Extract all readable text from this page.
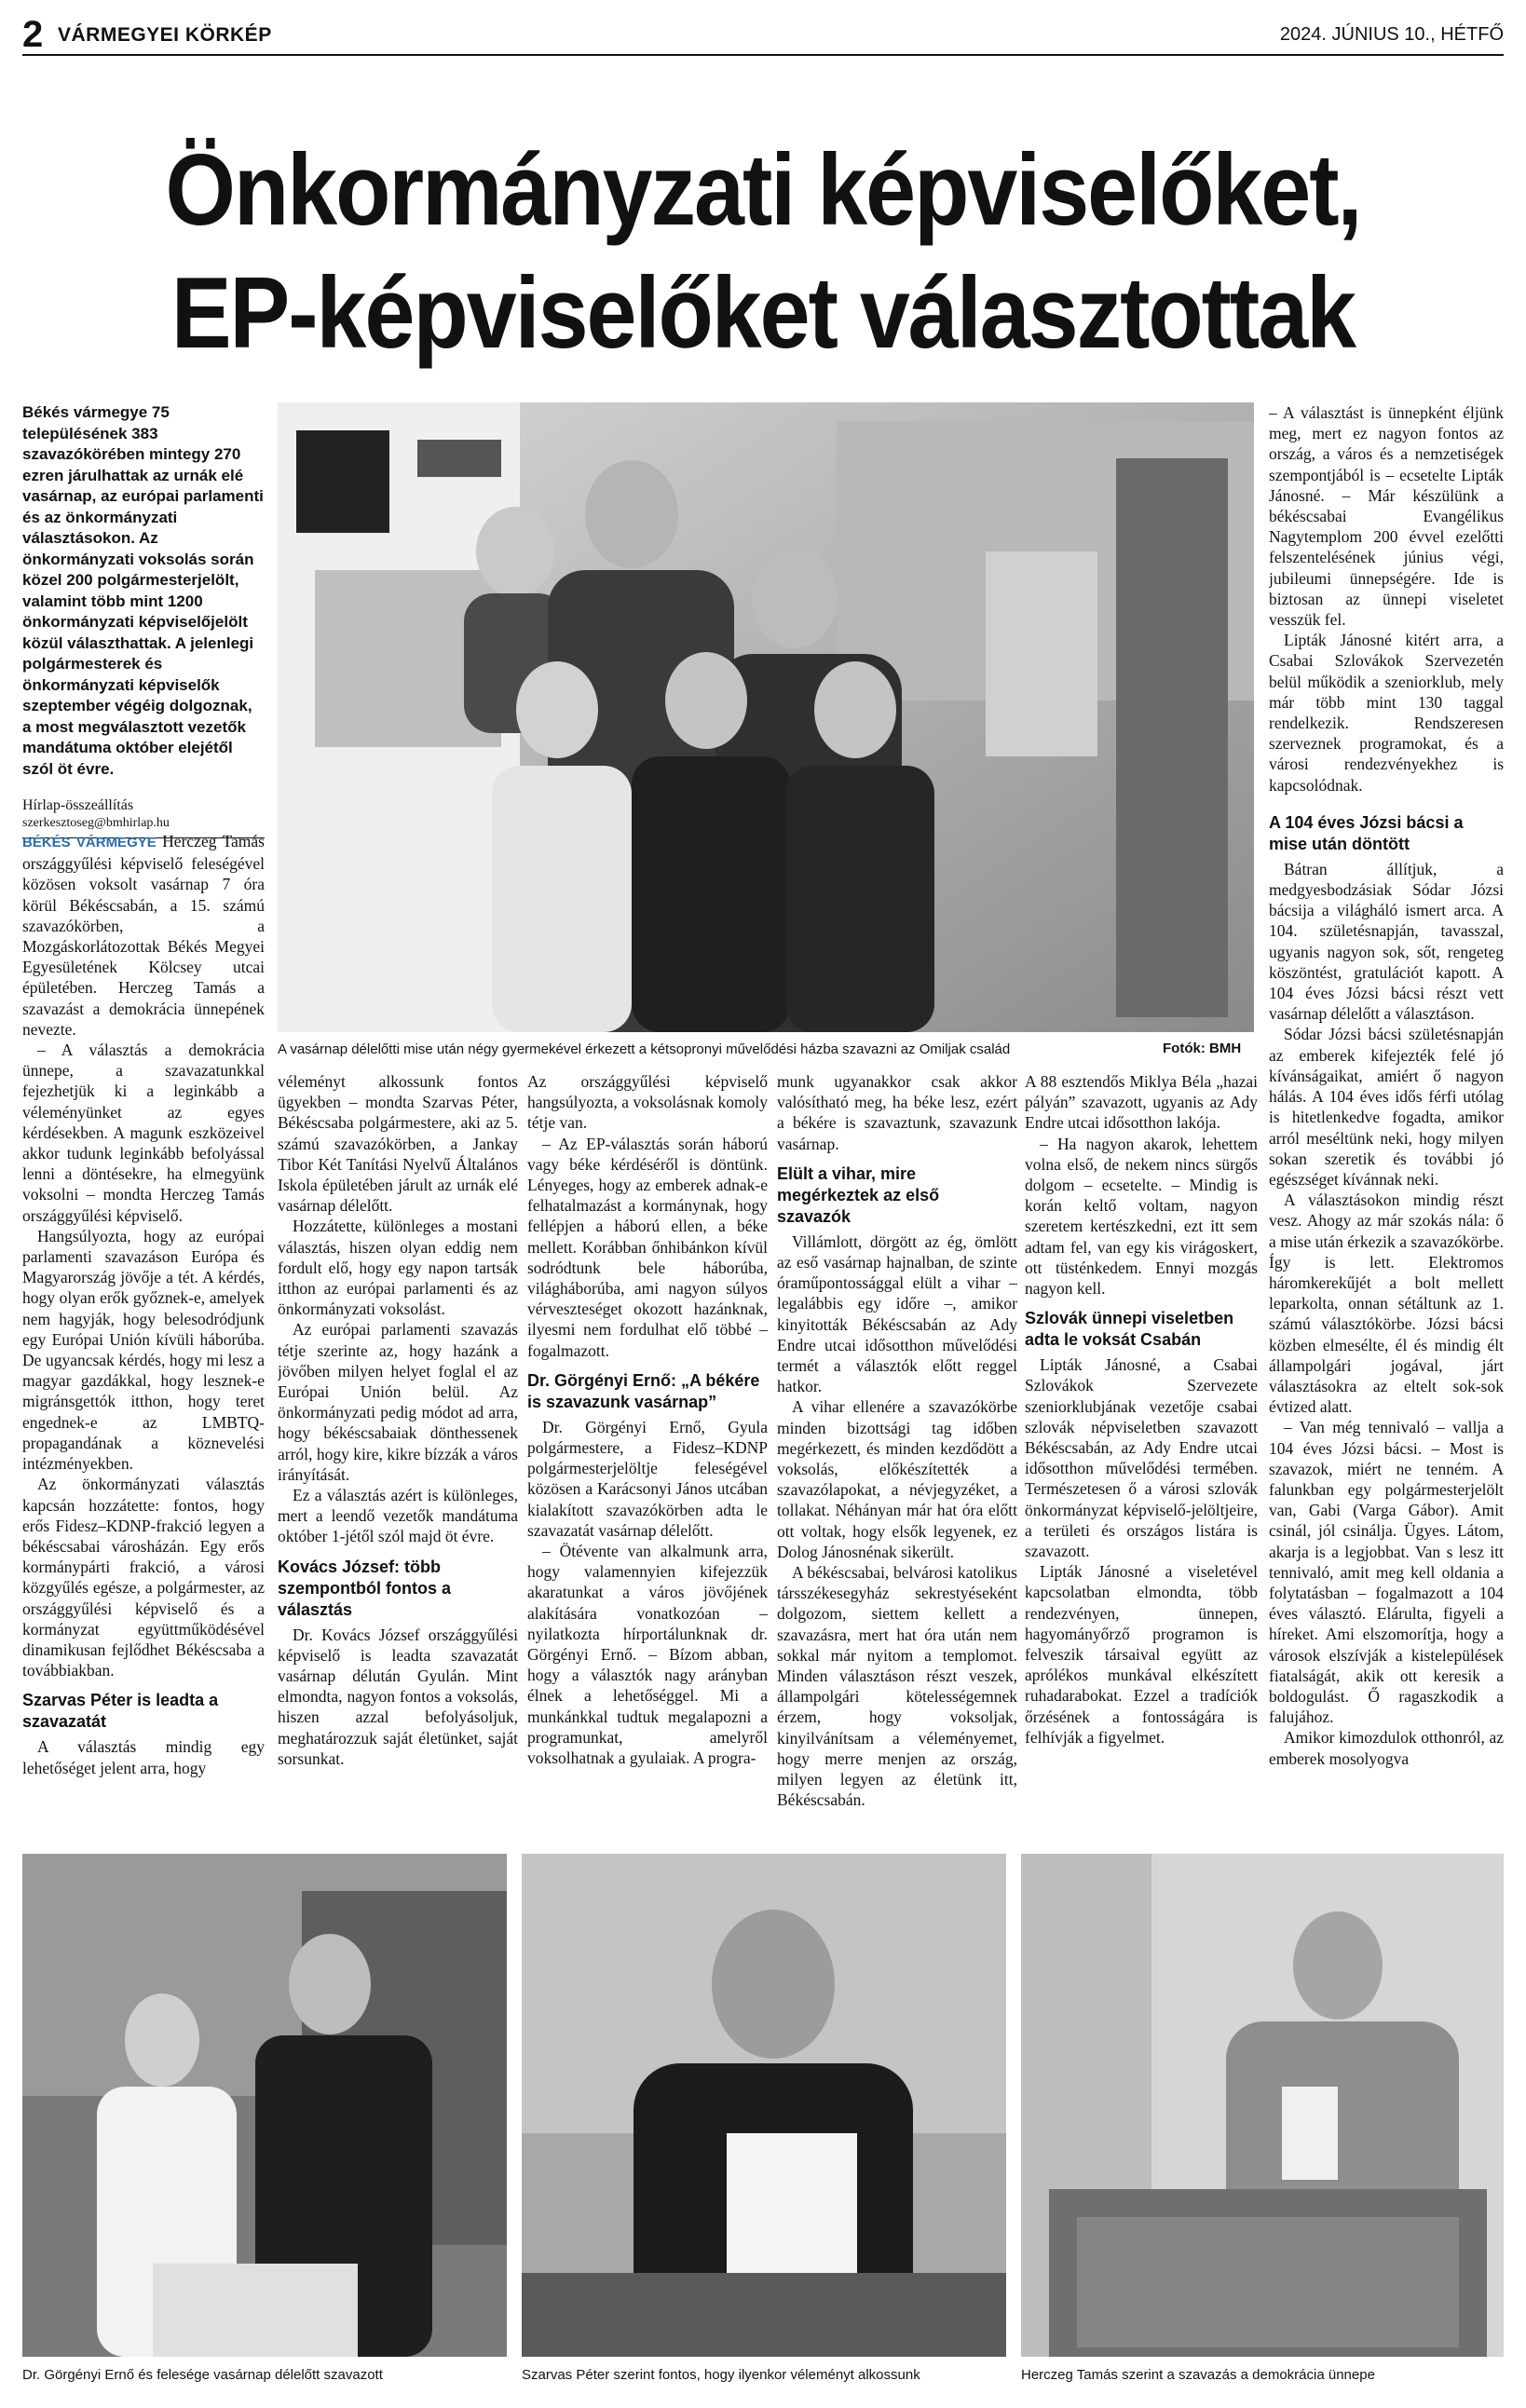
2 VÁRMEGYEI KÖRKÉP	2024. JÚNIUS 10., HÉTFŐ
Önkormányzati képviselőket,
EP-képviselőket választottak

Békés vármegye 75 településének 383 szavazókörében mintegy 270 ezren járulhattak az urnák elé vasárnap, az európai parlamenti és az önkormányzati választásokon. Az önkormányzati voksolás során közel 200 polgármesterjelölt, valamint több mint 1200 önkormányzati képviselőjelölt közül választhattak. A jelenlegi polgármesterek és önkormányzati képviselők szeptember végéig dolgoznak, a most megválasztott vezetők mandátuma október elejétől szól öt évre.

Hírlap-összeállítás
szerkesztoseg@bmhirlap.hu
A vasárnap délelőtti mise után négy gyermekével érkezett a kétsopronyi művelődési házba szavazni az Omiljak család	Fotók: BMH

BÉKÉS VÁRMEGYE Herczeg Tamás országgyűlési képviselő feleségével közösen voksolt vasárnap 7 óra körül Békéscsabán, a 15. számú szavazókörben, a Mozgáskorlátozottak Békés Megyei Egyesületének Kölcsey utcai épületében. Herczeg Tamás a szavazást a demokrácia ünnepének nevezte.

– A választás a demokrácia ünnepe, a szavazatunkkal fejezhetjük ki a leginkább a véleményünket az egyes kérdésekben. A magunk eszközeivel akkor tudunk leginkább befolyással lenni a döntésekre, ha elmegyünk voksolni – mondta Herczeg Tamás országgyűlési képviselő.

Hangsúlyozta, hogy az európai parlamenti szavazáson Európa és Magyarország jövője a tét. A kérdés, hogy olyan erők győznek-e, amelyek nem hagyják, hogy belesodródjunk egy Európai Unión kívüli háborúba. De ugyancsak kérdés, hogy mi lesz a magyar gazdákkal, hogy lesznek-e migránsgettók itthon, hogy teret engednek-e az LMBTQ-propagandának a köznevelési intézményekben.

Az önkormányzati választás kapcsán hozzátette: fontos, hogy erős Fidesz–KDNP-frakció legyen a békéscsabai városházán. Egy erős kormánypárti frakció, a városi közgyűlés egésze, a polgármester, az országgyűlési képviselő és a kormányzat együttműködésével dinamikusan fejlődhet Békéscsaba a továbbiakban.

Szarvas Péter is leadta a szavazatát

A választás mindig egy lehetőséget jelent arra, hogy

véleményt alkossunk fontos ügyekben – mondta Szarvas Péter, Békéscsaba polgármestere, aki az 5. számú szavazókörben, a Jankay Tibor Két Tanítási Nyelvű Általános Iskola épületében járult az urnák elé vasárnap délelőtt.

Hozzátette, különleges a mostani választás, hiszen olyan eddig nem fordult elő, hogy egy napon tartsák itthon az európai parlamenti és az önkormányzati voksolást.

Az európai parlamenti szavazás tétje szerinte az, hogy hazánk a jövőben milyen helyet foglal el az Európai Unión belül. Az önkormányzati pedig módot ad arra, hogy békéscsabaiak dönthessenek arról, hogy kire, kikre bízzák a város irányítását.

Ez a választás azért is különleges, mert a leendő vezetők mandátuma október 1-jétől szól majd öt évre.

Kovács József: több szempontból fontos a választás

Dr. Kovács József országgyűlési képviselő is leadta szavazatát vasárnap délután Gyulán. Mint elmondta, nagyon fontos a voksolás, hiszen azzal befolyásoljuk, meghatározzuk saját életünket, saját sorsunkat.

Az országgyűlési képviselő hangsúlyozta, a voksolásnak komoly tétje van.

– Az EP-választás során háború vagy béke kérdéséről is döntünk. Lényeges, hogy az emberek adnak-e felhatalmazást a kormánynak, hogy fellépjen a háború ellen, a béke mellett. Korábban őnhibánkon kívül sodródtunk bele háborúba, világháborúba, ami nagyon súlyos vérveszteséget okozott hazánknak, ilyesmi nem fordulhat elő többé – fogalmazott.

Dr. Görgényi Ernő: „A békére is szavazunk vasárnap”

Dr. Görgényi Ernő, Gyula polgármestere, a Fidesz–KDNP polgármesterjelöltje feleségével közösen a Karácsonyi János utcában kialakított szavazókörben adta le szavazatát vasárnap délelőtt.

– Ötévente van alkalmunk arra, hogy valamennyien kifejezzük akaratunkat a város jövőjének alakítására vonatkozóan – nyilatkozta hírportálunknak dr. Görgényi Ernő. – Bízom abban, hogy a választók nagy arányban élnek a lehetőséggel. Mi a munkánkkal tudtuk megalapozni a programunkat, amelyről voksolhatnak a gyulaiak. A progra-

munk ugyanakkor csak akkor valósítható meg, ha béke lesz, ezért a békére is szavaztunk, szavazunk vasárnap.

Elült a vihar, mire megérkeztek az első szavazók

Villámlott, dörgött az ég, ömlött az eső vasárnap hajnalban, de szinte óraműpontossággal elült a vihar – legalábbis egy időre –, amikor kinyitották Békéscsabán az Ady Endre utcai idősotthon művelődési termét a választók előtt reggel hatkor.

A vihar ellenére a szavazókörbe minden bizottsági tag időben megérkezett, és minden kezdődött a voksolás, előkészítették a szavazólapokat, a névjegyzéket, a tollakat. Néhányan már hat óra előtt ott voltak, hogy elsők legyenek, ez Dolog Jánosnénak sikerült.

A békéscsabai, belvárosi katolikus társszékesegyház sekrestyéseként dolgozom, siettem kellett a szavazásra, mert hat óra után nem sokkal már nyitom a templomot. Minden választáson részt veszek, állampolgári kötelességemnek érzem, hogy voksoljak, kinyilvánítsam a véleményemet, hogy merre menjen az ország, milyen legyen az életünk itt, Békéscsabán.

A 88 esztendős Miklya Béla „hazai pályán” szavazott, ugyanis az Ady Endre utcai idősotthon lakója.

– Ha nagyon akarok, lehettem volna első, de nekem nincs sürgős dolgom – ecsetelte. – Mindig is korán keltő voltam, nagyon szeretem kertészkedni, ezt itt sem adtam fel, van egy kis virágoskert, ott tüsténkedem. Ennyi mozgás nagyon kell.

Szlovák ünnepi viseletben adta le voksát Csabán

Lipták Jánosné, a Csabai Szlovákok Szervezete szeniorklubjának vezetője csabai szlovák népviseletben szavazott Békéscsabán, az Ady Endre utcai idősotthon művelődési termében. Természetesen ő a városi szlovák önkormányzat képviselő-jelöltjeire, a területi és országos listára is szavazott.

Lipták Jánosné a viseletével kapcsolatban elmondta, több rendezvényen, ünnepen, hagyományőrző programon is felveszik társaival együtt az aprólékos munkával elkészített ruhadarabokat. Ezzel a tradíciók őrzésének a fontosságára is felhívják a figyelmet.

– A választást is ünnepként éljünk meg, mert ez nagyon fontos az ország, a város és a nemzetiségek szempontjából is – ecsetelte Lipták Jánosné. – Már készülünk a békéscsabai Evangélikus Nagytemplom 200 évvel ezelőtti felszentelésének június végi, jubileumi ünnepségére. Ide is biztosan az ünnepi viseletet vesszük fel.

Lipták Jánosné kitért arra, a Csabai Szlovákok Szervezetén belül működik a szeniorklub, mely már több mint 130 taggal rendelkezik. Rendszeresen szerveznek programokat, és a városi rendezvényekhez is kapcsolódnak.

A 104 éves Józsi bácsi a mise után döntött

Bátran állítjuk, a medgyesbodzásiak Sódar Józsi bácsija a világháló ismert arca. A 104. születésnapján, tavasszal, ugyanis nagyon sok, sőt, rengeteg köszöntést, gratulációt kapott. A 104 éves Józsi bácsi részt vett vasárnap délelőtt a választáson.

Sódar Józsi bácsi születésnapján az emberek kifejezték felé jó kívánságaikat, amiért ő nagyon hálás. A 104 éves idős férfi utólag is hitetlenkedve fogadta, amikor arról meséltünk neki, hogy milyen sokan szeretik és további jó egészséget kívánnak neki.

A választásokon mindig részt vesz. Ahogy az már szokás nála: ő a mise után érkezik a szavazókörbe. Így is lett. Elektromos háromkerekűjét a bolt mellett leparkolta, onnan sétáltunk az 1. számú választókörbe. Józsi bácsi közben elmesélte, él és mindig élt állampolgári jogával, járt választásokra az eltelt sok-sok évtized alatt.

– Van még tennivaló – vallja a 104 éves Józsi bácsi. – Most is szavazok, miért ne tenném. A falunkban egy polgármesterjelölt van, Gabi (Varga Gábor). Amit csinál, jól csinálja. Ügyes. Látom, akarja is a legjobbat. Van s lesz itt tennivaló, amit meg kell oldania a folytatásban – fogalmazott a 104 éves választó. Elárulta, figyeli a híreket. Ami elszomorítja, hogy a városok elszívják a kistelepülések fiatalságát, akik ott keresik a boldogulást. Ő ragaszkodik a falujához.

Amikor kimozdulok otthonról, az emberek mosolyogva

Dr. Görgényi Ernő és felesége vasárnap délelőtt szavazott	Szarvas Péter szerint fontos, hogy ilyenkor véleményt alkossunk	Herczeg Tamás szerint a szavazás a demokrácia ünnepe
